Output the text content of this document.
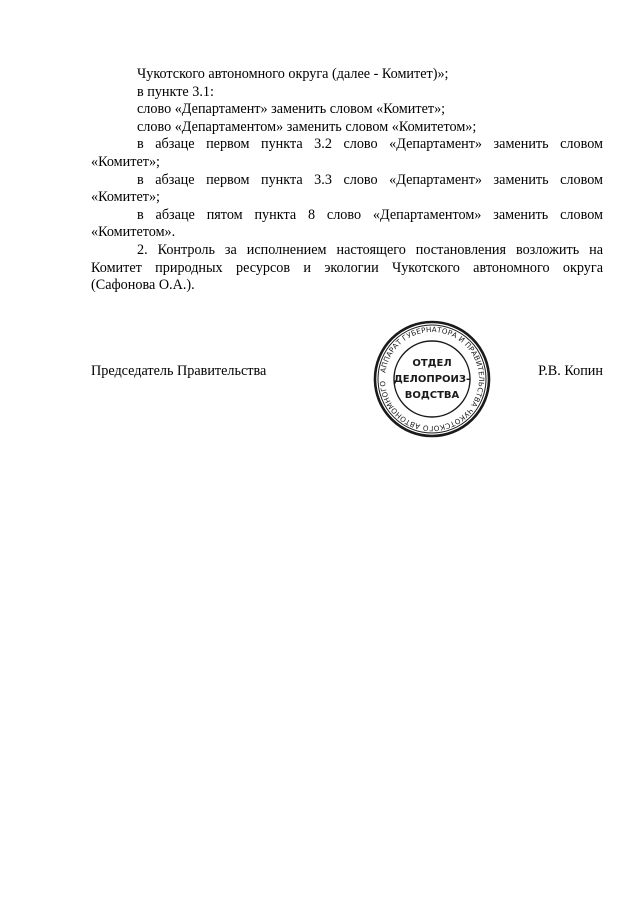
Чукотского автономного округа (далее - Комитет)»;

в пункте 3.1:

слово «Департамент» заменить словом «Комитет»;

слово «Департаментом» заменить словом «Комитетом»;

в абзаце первом пункта 3.2 слово «Департамент» заменить словом

«Комитет»;

в абзаце первом пункта 3.3 слово «Департамент» заменить словом

«Комитет»;

в абзаце пятом пункта 8 слово «Департаментом» заменить словом

«Комитетом».

2. Контроль за исполнением настоящего постановления возложить на

Комитет природных ресурсов и экологии Чукотского автономного округа

(Сафонова О.А.).

Председатель Правительства	Р.В. Копин
АППАРАТ ГУБЕРНАТОРА И ПРАВИТЕЛЬСТВА ЧУКОТСКОГО АВТОНОМНОГО
ОТДЕЛ
ДЕЛОПРОИЗ-
ВОДСТВА
